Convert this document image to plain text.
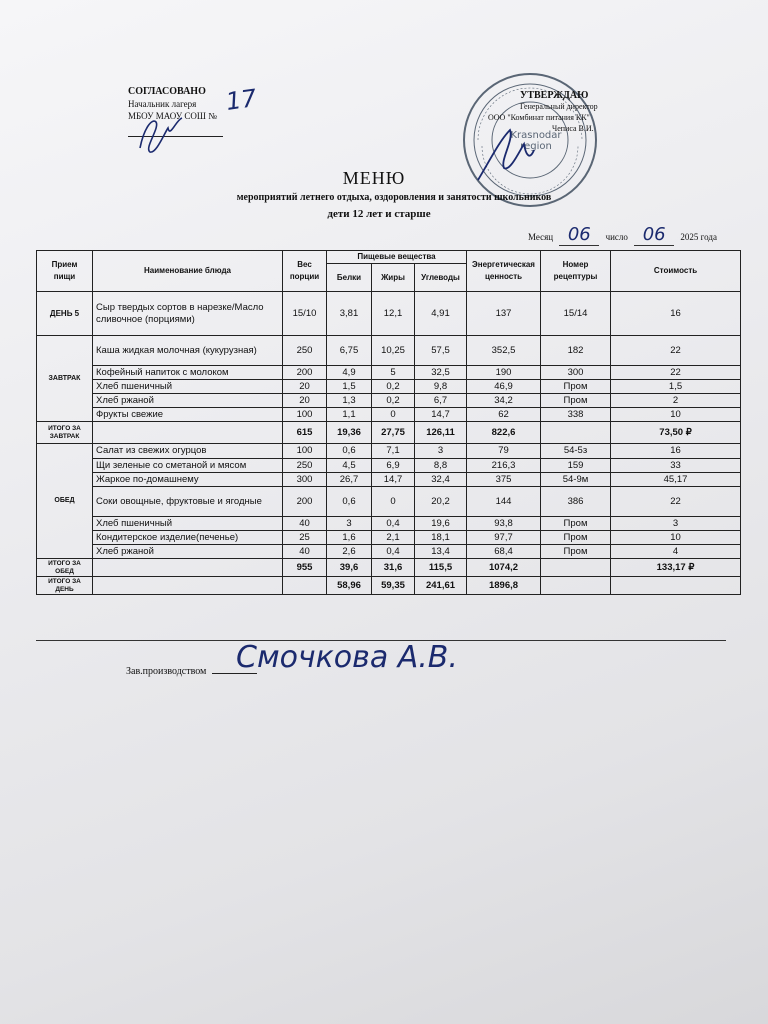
СОГЛАСОВАНО
Начальник лагеря
МБОУ МАОУ СОШ №
17
Krasnodar region
УТВЕРЖДАЮ
Генеральный директор
ООО "Комбинат питания КК"
Чеписа В.И.
МЕНЮ
мероприятий летнего отдыха, оздоровления и занятости школьников
дети 12 лет и старше
Месяц 06 число 06 2025 года
Прием пищи	Наименование блюда	Вес порции	Пищевые вещества			Энергетическая ценность	Номер рецептуры	Стоимость
			Белки	Жиры	Углеводы			
ДЕНЬ 5	Сыр твердых сортов в нарезке/Масло сливочное (порциями)	15/10	3,81	12,1	4,91	137	15/14	16
ЗАВТРАК	Каша жидкая молочная (кукурузная)	250	6,75	10,25	57,5	352,5	182	22
	Кофейный напиток с молоком	200	4,9	5	32,5	190	300	22
	Хлеб пшеничный	20	1,5	0,2	9,8	46,9	Пром	1,5
	Хлеб ржаной	20	1,3	0,2	6,7	34,2	Пром	2
	Фрукты свежие	100	1,1	0	14,7	62	338	10
ИТОГО ЗА ЗАВТРАК		615	19,36	27,75	126,11	822,6		73,50 ₽
ОБЕД	Салат из свежих огурцов	100	0,6	7,1	3	79	54-5з	16
	Щи зеленые со сметаной и мясом	250	4,5	6,9	8,8	216,3	159	33
	Жаркое по-домашнему	300	26,7	14,7	32,4	375	54-9м	45,17
	Соки овощные, фруктовые и ягодные	200	0,6	0	20,2	144	386	22
	Хлеб пшеничный	40	3	0,4	19,6	93,8	Пром	3
	Кондитерское изделие(печенье)	25	1,6	2,1	18,1	97,7	Пром	10
	Хлеб ржаной	40	2,6	0,4	13,4	68,4	Пром	4
ИТОГО ЗА ОБЕД		955	39,6	31,6	115,5	1074,2		133,17 ₽
ИТОГО ЗА ДЕНЬ			58,96	59,35	241,61	1896,8		
Зав.производством Смочкова А.В.
